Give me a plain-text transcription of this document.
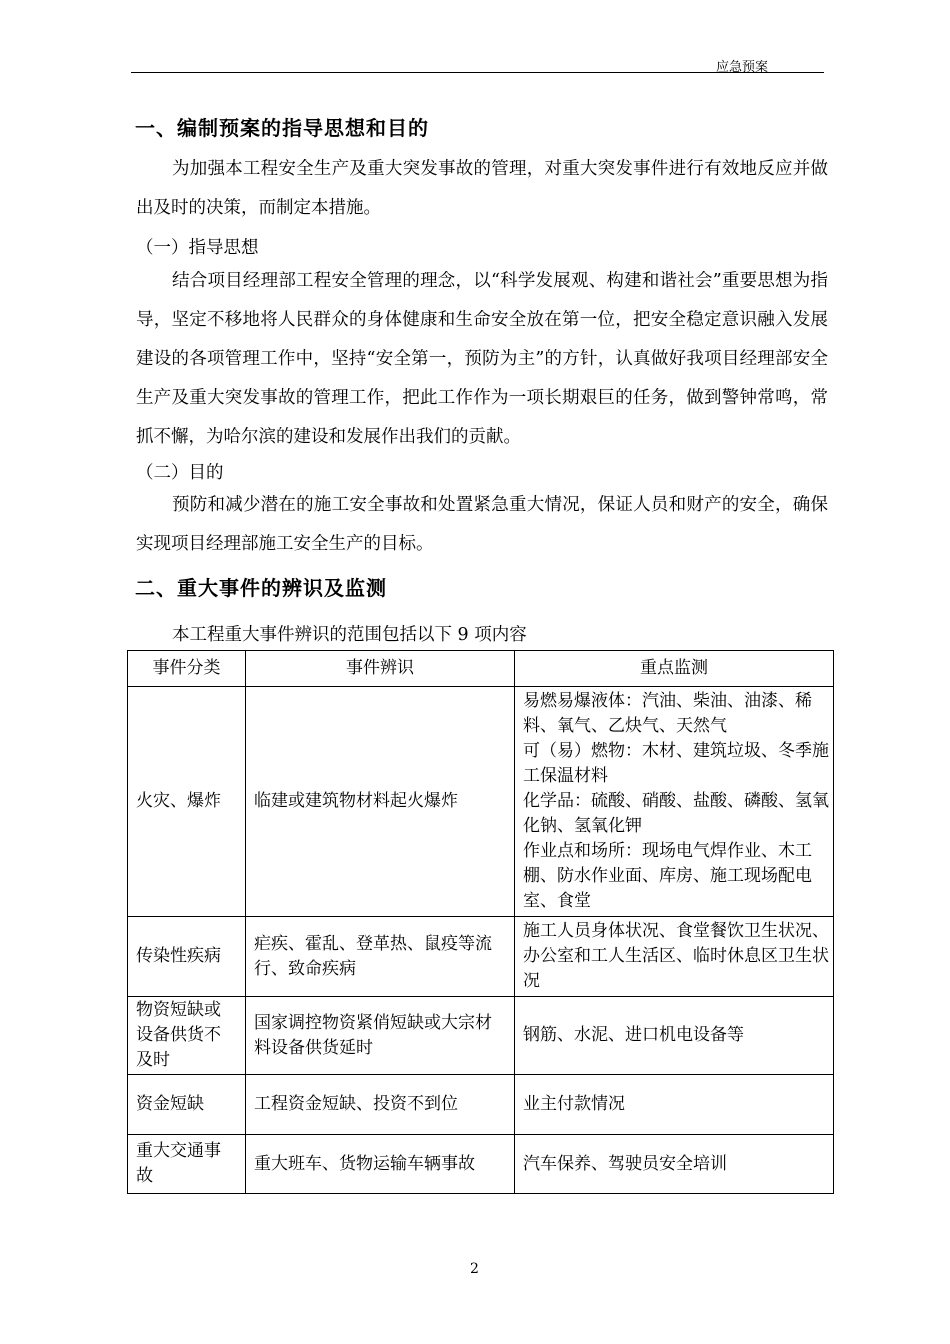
应急预案
一、编制预案的指导思想和目的
为加强本工程安全生产及重大突发事故的管理，对重大突发事件进行有效地反应并做出及时的决策，而制定本措施。
（一）指导思想
结合项目经理部工程安全管理的理念，以“科学发展观、构建和谐社会”重要思想为指导，坚定不移地将人民群众的身体健康和生命安全放在第一位，把安全稳定意识融入发展建设的各项管理工作中，坚持“安全第一，预防为主”的方针，认真做好我项目经理部安全生产及重大突发事故的管理工作，把此工作作为一项长期艰巨的任务，做到警钟常鸣，常抓不懈，为哈尔滨的建设和发展作出我们的贡献。
（二）目的
预防和减少潜在的施工安全事故和处置紧急重大情况，保证人员和财产的安全，确保实现项目经理部施工安全生产的目标。
二、重大事件的辨识及监测
本工程重大事件辨识的范围包括以下 9 项内容
事件分类	事件辨识	重点监测
火灾、爆炸	临建或建筑物材料起火爆炸	易燃易爆液体：汽油、柴油、油漆、稀料、氧气、乙炔气、天然气
可（易）燃物：木材、建筑垃圾、冬季施工保温材料
化学品：硫酸、硝酸、盐酸、磷酸、氢氧化钠、氢氧化钾
作业点和场所：现场电气焊作业、木工棚、防水作业面、库房、施工现场配电室、食堂

传染性疾病	疟疾、霍乱、登革热、鼠疫等流行、致命疾病	施工人员身体状况、食堂餐饮卫生状况、办公室和工人生活区、临时休息区卫生状况

物资短缺或设备供货不及时	国家调控物资紧俏短缺或大宗材料设备供货延时	钢筋、水泥、进口机电设备等

资金短缺	工程资金短缺、投资不到位	业主付款情况

重大交通事故	重大班车、货物运输车辆事故	汽车保养、驾驶员安全培训
2
